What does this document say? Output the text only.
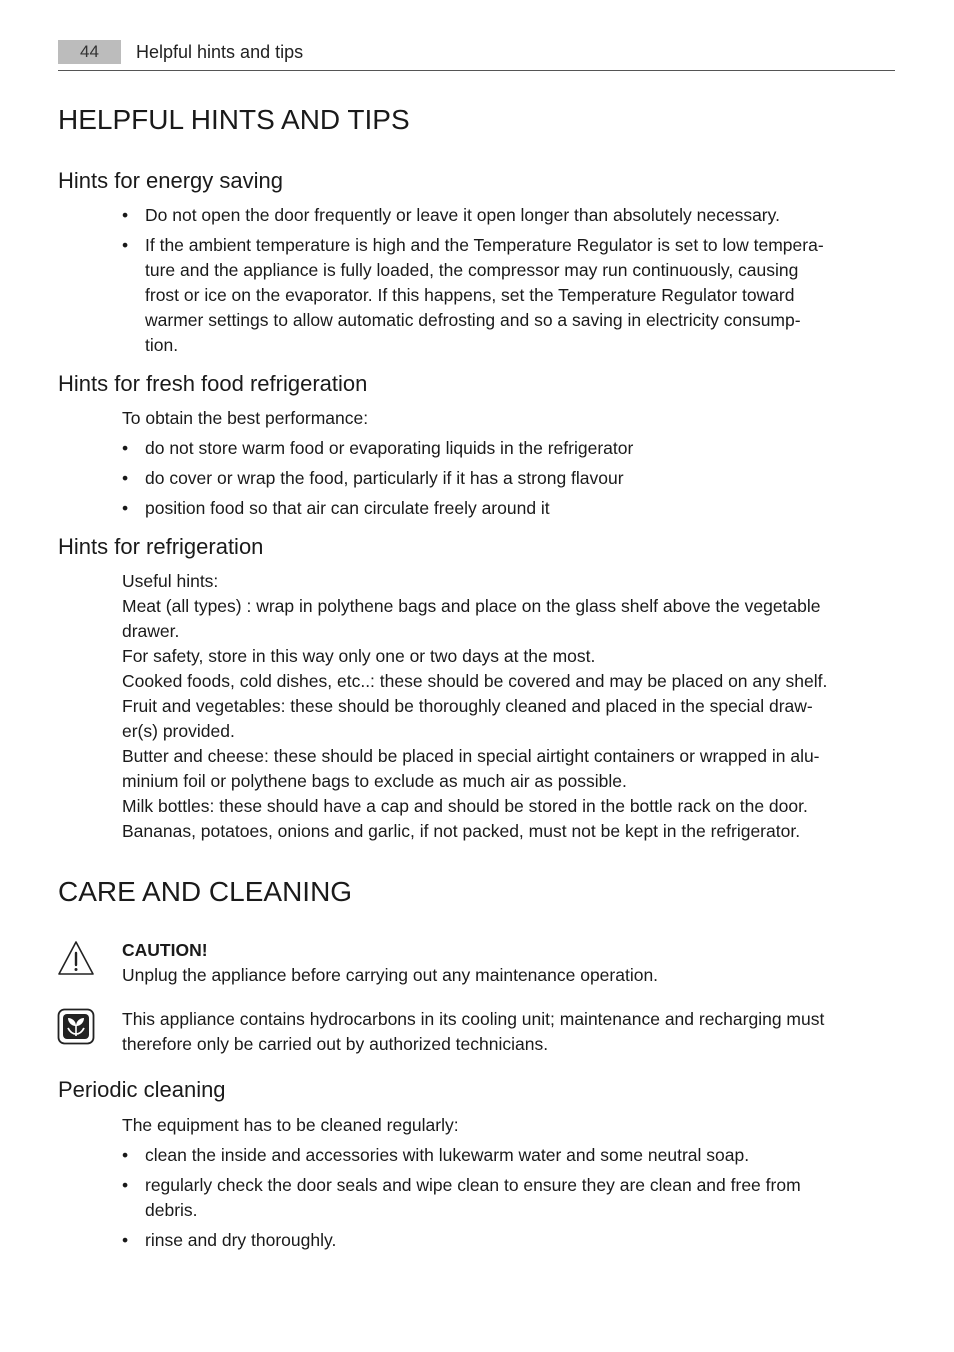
44	Helpful hints and tips
HELPFUL HINTS AND TIPS
Hints for energy saving
• Do not open the door frequently or leave it open longer than absolutely necessary.
• If the ambient temperature is high and the Temperature Regulator is set to low tempera-
ture and the appliance is fully loaded, the compressor may run continuously, causing
frost or ice on the evaporator. If this happens, set the Temperature Regulator toward
warmer settings to allow automatic defrosting and so a saving in electricity consump-
tion.
Hints for fresh food refrigeration
To obtain the best performance:
• do not store warm food or evaporating liquids in the refrigerator
• do cover or wrap the food, particularly if it has a strong flavour
• position food so that air can circulate freely around it
Hints for refrigeration
Useful hints:
Meat (all types) : wrap in polythene bags and place on the glass shelf above the vegetable
drawer.
For safety, store in this way only one or two days at the most.
Cooked foods, cold dishes, etc..: these should be covered and may be placed on any shelf.
Fruit and vegetables: these should be thoroughly cleaned and placed in the special draw-
er(s) provided.
Butter and cheese: these should be placed in special airtight containers or wrapped in alu-
minium foil or polythene bags to exclude as much air as possible.
Milk bottles: these should have a cap and should be stored in the bottle rack on the door.
Bananas, potatoes, onions and garlic, if not packed, must not be kept in the refrigerator.
CARE AND CLEANING
CAUTION!
Unplug the appliance before carrying out any maintenance operation.
This appliance contains hydrocarbons in its cooling unit; maintenance and recharging must
therefore only be carried out by authorized technicians.
Periodic cleaning
The equipment has to be cleaned regularly:
• clean the inside and accessories with lukewarm water and some neutral soap.
• regularly check the door seals and wipe clean to ensure they are clean and free from
debris.
• rinse and dry thoroughly.
